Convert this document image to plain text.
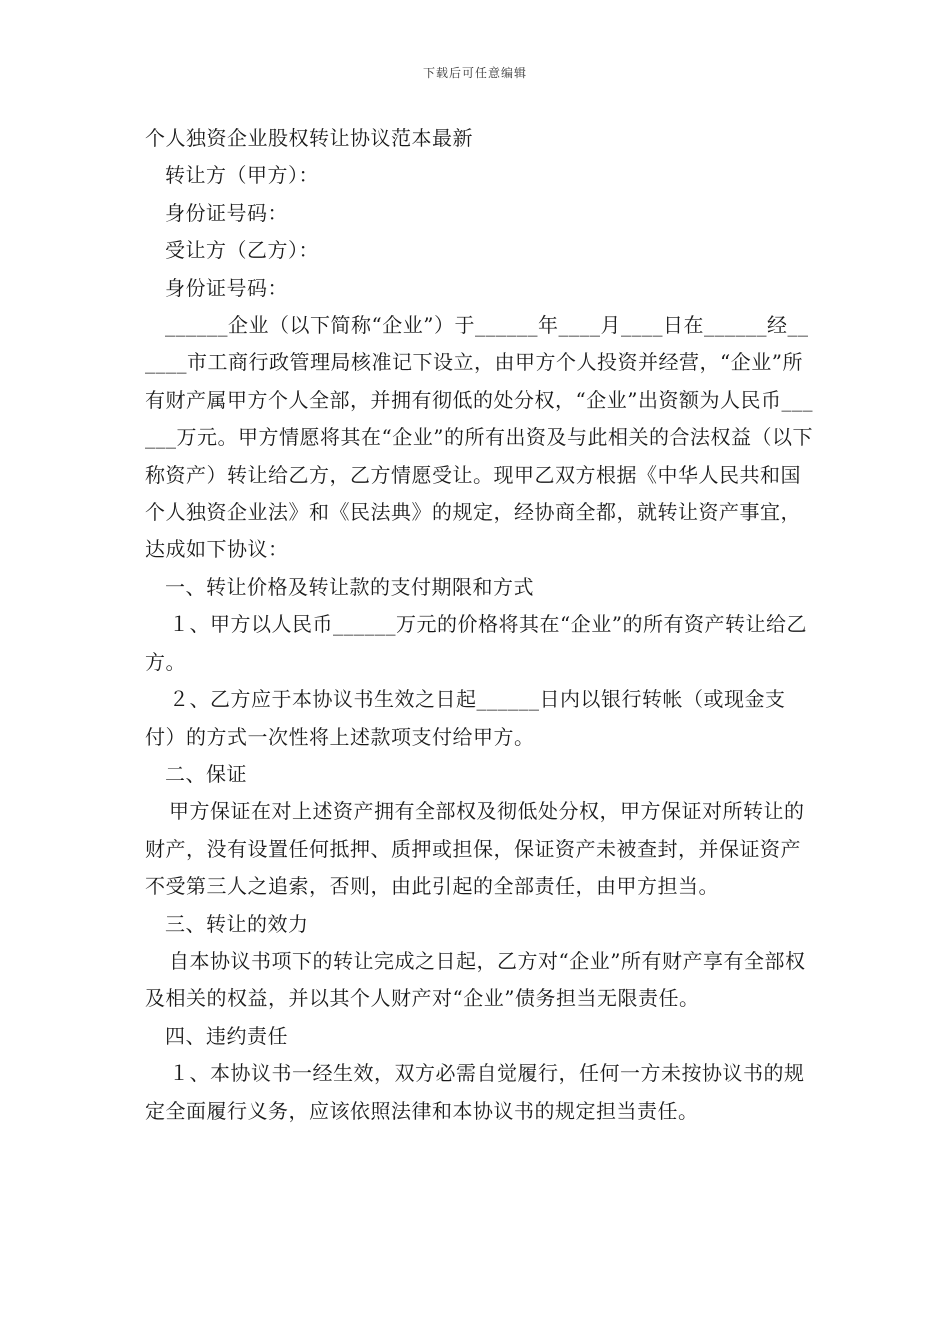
下载后可任意编辑
个人独资企业股权转让协议范本最新

转让方（甲方）：

身份证号码：

受让方（乙方）：

身份证号码：

______企业（以下简称“企业”）于______年____月____日在______经______市工商行政管理局核准记下设立，由甲方个人投资并经营，“企业”所有财产属甲方个人全部，并拥有彻低的处分权，“企业”出资额为人民币______万元。甲方情愿将其在“企业”的所有出资及与此相关的合法权益（以下称资产）转让给乙方，乙方情愿受让。现甲乙双方根据《中华人民共和国个人独资企业法》和《民法典》的规定，经协商全都，就转让资产事宜，达成如下协议：

一、转让价格及转让款的支付期限和方式

１、甲方以人民币______万元的价格将其在“企业”的所有资产转让给乙方。

２、乙方应于本协议书生效之日起______日内以银行转帐（或现金支付）的方式一次性将上述款项支付给甲方。

二、保证

甲方保证在对上述资产拥有全部权及彻低处分权，甲方保证对所转让的财产，没有设置任何抵押、质押或担保，保证资产未被查封，并保证资产不受第三人之追索，否则，由此引起的全部责任，由甲方担当。

三、转让的效力

自本协议书项下的转让完成之日起，乙方对“企业”所有财产享有全部权及相关的权益，并以其个人财产对“企业”债务担当无限责任。

四、违约责任

１、本协议书一经生效，双方必需自觉履行，任何一方未按协议书的规定全面履行义务，应该依照法律和本协议书的规定担当责任。
